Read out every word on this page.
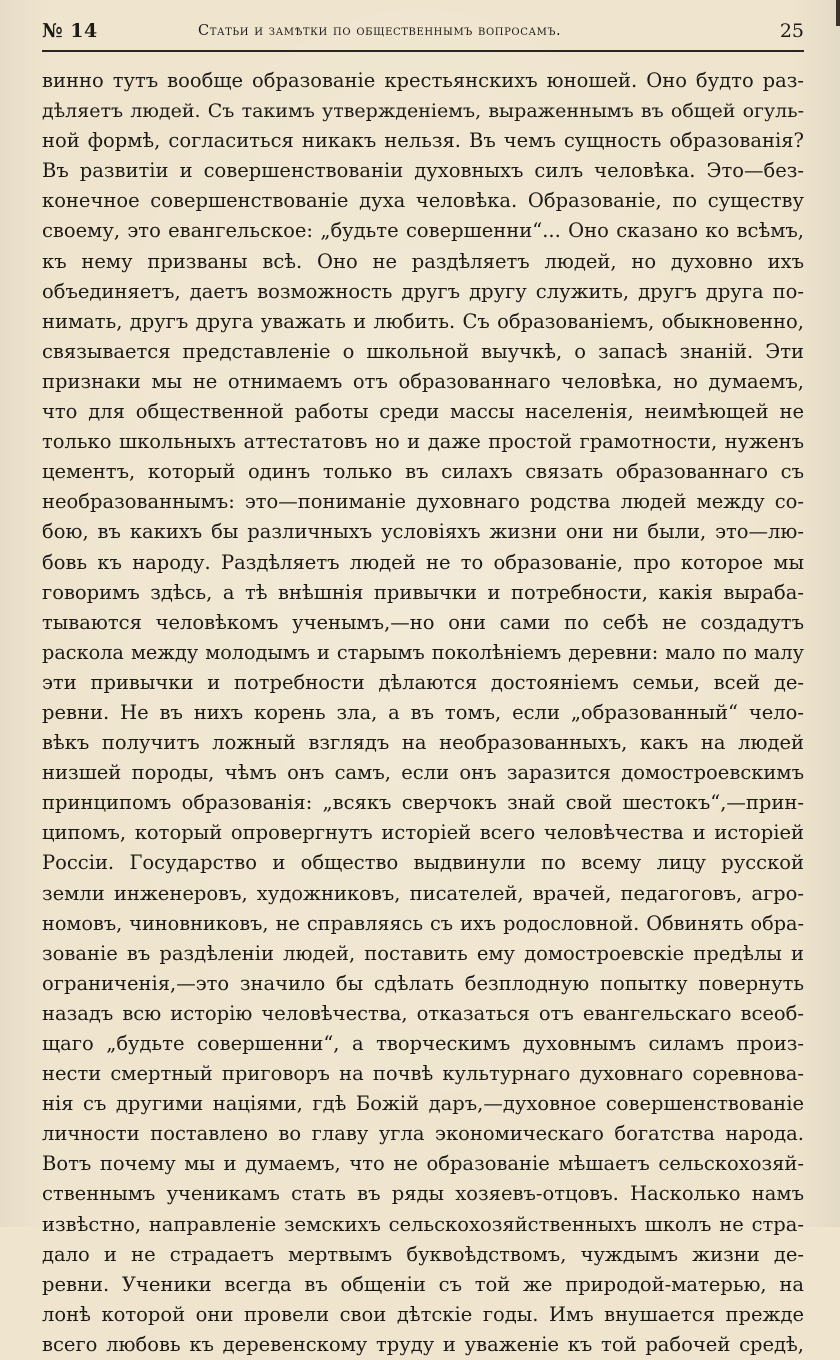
№ 14	Статьи и замѣтки по общественнымъ вопросамъ.	25
винно тутъ вообще образованiе крестьянскихъ юношей. Оно будто раз-
дѣляетъ людей. Съ такимъ утвержденiемъ, выраженнымъ въ общей огуль-
ной формѣ, согласиться никакъ нельзя. Въ чемъ сущность образованiя?
Въ развитiи и совершенствованiи духовныхъ силъ человѣка. Это—без-
конечное совершенствованiе духа человѣка. Образованiе, по существу
своему, это евангельское: „будьте совершенни“... Оно сказано ко всѣмъ,
къ нему призваны всѣ. Оно не раздѣляетъ людей, но духовно ихъ
объединяетъ, даетъ возможность другъ другу служить, другъ друга по-
нимать, другъ друга уважать и любить. Съ образованiемъ, обыкновенно,
связывается представленiе о школьной выучкѣ, о запасѣ знанiй. Эти
признаки мы не отнимаемъ отъ образованнаго человѣка, но думаемъ,
что для общественной работы среди массы населенiя, неимѣющей не
только школьныхъ аттестатовъ но и даже простой грамотности, нуженъ
цементъ, который одинъ только въ силахъ связать образованнаго съ
необразованнымъ: это—пониманiе духовнаго родства людей между со-
бою, въ какихъ бы различныхъ условiяхъ жизни они ни были, это—лю-
бовь къ народу. Раздѣляетъ людей не то образованiе, про которое мы
говоримъ здѣсь, а тѣ внѣшнiя привычки и потребности, какiя выраба-
тываются человѣкомъ ученымъ,—но они сами по себѣ не создадутъ
раскола между молодымъ и старымъ поколѣнiемъ деревни: мало по малу
эти привычки и потребности дѣлаются достоянiемъ семьи, всей де-
ревни. Не въ нихъ корень зла, а въ томъ, если „образованный“ чело-
вѣкъ получитъ ложный взглядъ на необразованныхъ, какъ на людей
низшей породы, чѣмъ онъ самъ, если онъ заразится домостроевскимъ
принципомъ образованiя: „всякъ сверчокъ знай свой шестокъ“,—прин-
ципомъ, который опровергнутъ исторiей всего человѣчества и исторiей
Россiи. Государство и общество выдвинули по всему лицу русской
земли инженеровъ, художниковъ, писателей, врачей, педагоговъ, агро-
номовъ, чиновниковъ, не справляясь съ ихъ родословной. Обвинять обра-
зованiе въ раздѣленiи людей, поставить ему домостроевскiе предѣлы и
ограниченiя,—это значило бы сдѣлать безплодную попытку повернуть
назадъ всю исторiю человѣчества, отказаться отъ евангельскаго всеоб-
щаго „будьте совершенни“, а творческимъ духовнымъ силамъ произ-
нести смертный приговоръ на почвѣ культурнаго духовнаго соревнова-
нiя съ другими нацiями, гдѣ Божiй даръ,—духовное совершенствованiе
личности поставлено во главу угла экономическаго богатства народа.
Вотъ почему мы и думаемъ, что не образованiе мѣшаетъ сельскохозяй-
ственнымъ ученикамъ стать въ ряды хозяевъ-отцовъ. Насколько намъ
извѣстно, направленiе земскихъ сельскохозяйственныхъ школъ не стра-
дало и не страдаетъ мертвымъ буквоѣдствомъ, чуждымъ жизни де-
ревни. Ученики всегда въ общенiи съ той же природой-матерью, на
лонѣ которой они провели свои дѣтскiе годы. Имъ внушается прежде
всего любовь къ деревенскому труду и уваженiе къ той рабочей средѣ,
